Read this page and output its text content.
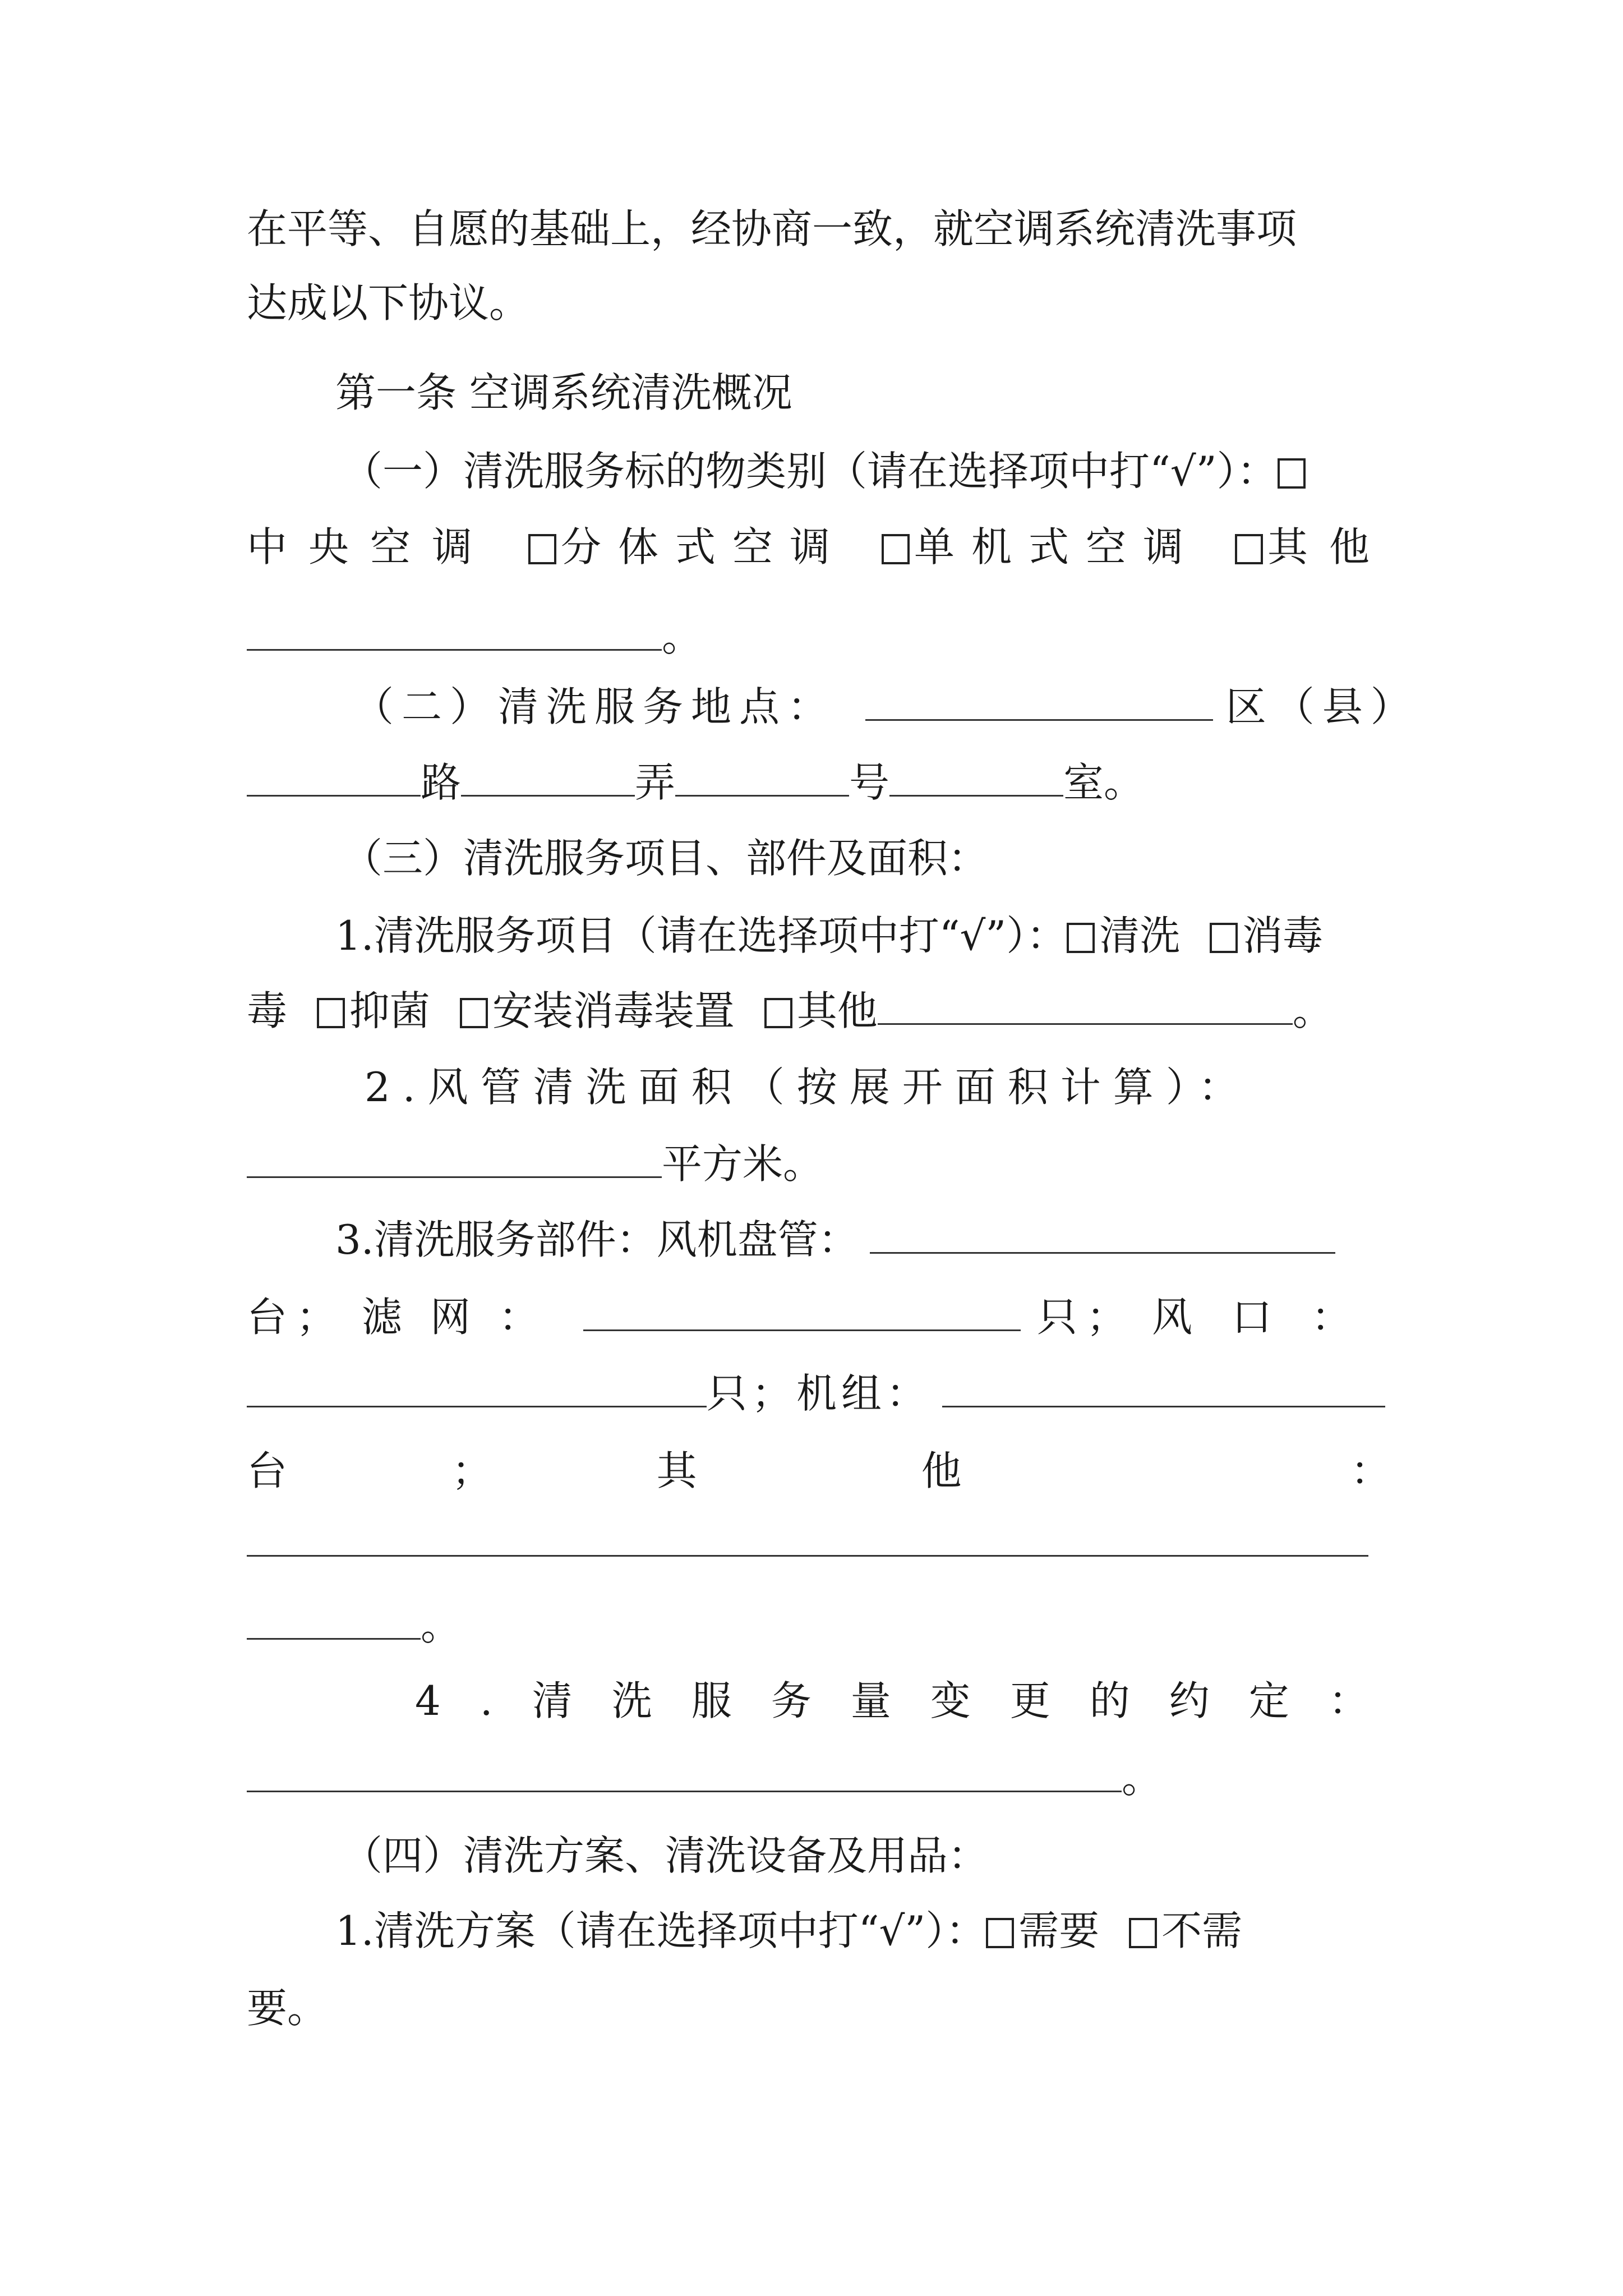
在平等、自愿的基础上，经协商一致，就空调系统清洗事项
达成以下协议。
第一条 空调系统清洗概况
（一）清洗服务标的物类别（请在选择项中打“√”）：
中央空调	分体式空调	单机式空调	其他
。
（二）清洗服务地点：	区（县）
路	弄	号	室。
（三）清洗服务项目、部件及面积：
1.清洗服务项目（请在选择项中打“√”）： 清洗 消毒
毒 抑菌 安装消毒装置 其他	。
2.风管清洗面积（按展开面积计算）：
平方米。
3.清洗服务部件：风机盘管：
台； 滤网：	只； 风口：
只；机组：
台	；	其他	：
。
4.清洗服务量变更的约定：
。
（四）清洗方案、清洗设备及用品：
1.清洗方案（请在选择项中打“√”）： 需要 不需
要。
